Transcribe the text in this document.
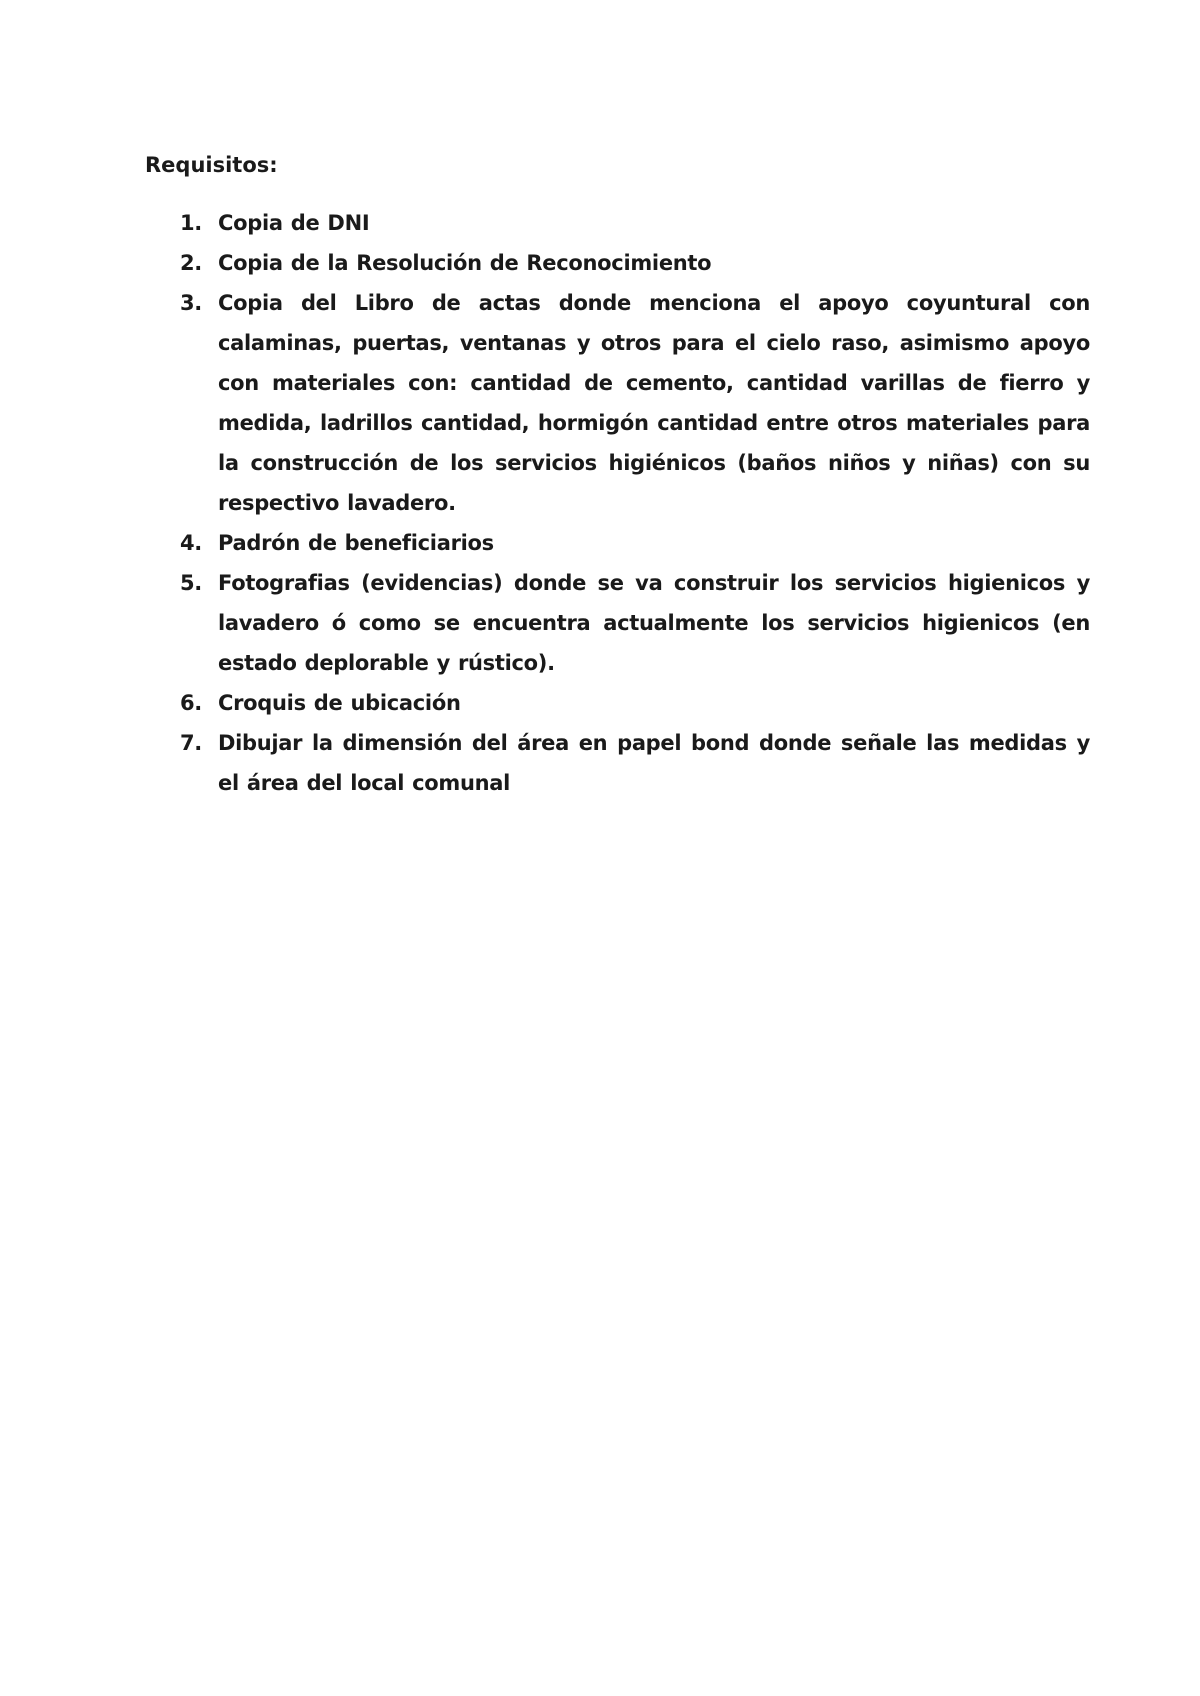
Requisitos:
1. Copia de DNI
2. Copia de la Resolución de Reconocimiento
3. Copia del Libro de actas donde menciona el apoyo coyuntural con calaminas, puertas, ventanas y otros para el cielo raso, asimismo apoyo con materiales con: cantidad de cemento, cantidad varillas de fierro y medida, ladrillos cantidad, hormigón cantidad entre otros materiales para la construcción de los servicios higiénicos (baños niños y niñas) con su respectivo lavadero.
4. Padrón de beneficiarios
5. Fotografias (evidencias) donde se va construir los servicios higienicos y lavadero ó como se encuentra actualmente los servicios higienicos (en estado deplorable y rústico).
6. Croquis de ubicación
7. Dibujar la dimensión del área en papel bond donde señale las medidas y el área del local comunal
